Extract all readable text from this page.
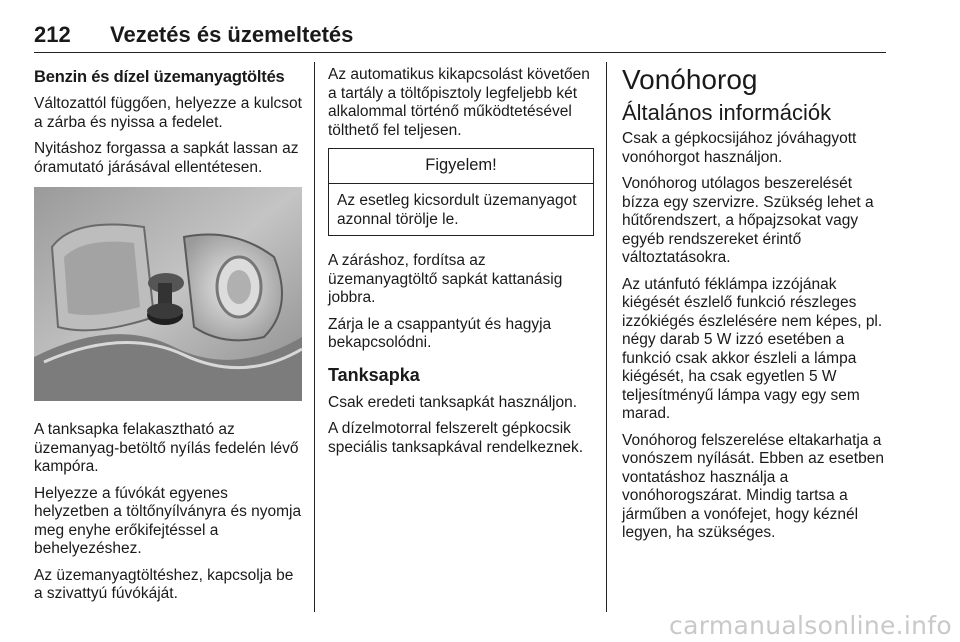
212 Vezetés és üzemeltetés
Benzin és dízel üzemanyagtöltés

Változattól függően, helyezze a kulcsot a zárba és nyissa a fedelet.

Nyitáshoz forgassa a sapkát lassan az óramutató járásával ellentétesen.

A tanksapka felakasztható az üzemanyag-betöltő nyílás fedelén lévő kampóra.

Helyezze a fúvókát egyenes helyzetben a töltőnyílványra és nyomja meg enyhe erőkifejtéssel a behelyezéshez.

Az üzemanyagtöltéshez, kapcsolja be a szivattyú fúvókáját.

Az automatikus kikapcsolást követően a tartály a töltőpisztoly legfeljebb két alkalommal történő működtetésével tölthető fel teljesen.

Figyelem!

Az esetleg kicsordult üzemanyagot azonnal törölje le.

A záráshoz, fordítsa az üzemanyagtöltő sapkát kattanásig jobbra.

Zárja le a csappantyút és hagyja bekapcsolódni.

Tanksapka

Csak eredeti tanksapkát használjon.

A dízelmotorral felszerelt gépkocsik speciális tanksapkával rendelkeznek.

Vonóhorog
Általános információk

Csak a gépkocsijához jóváhagyott vonóhorgot használjon.

Vonóhorog utólagos beszerelését bízza egy szervizre. Szükség lehet a hűtőrendszert, a hőpajzsokat vagy egyéb rendszereket érintő változtatásokra.

Az utánfutó féklámpa izzójának kiégését észlelő funkció részleges izzókiégés észlelésére nem képes, pl. négy darab 5 W izzó esetében a funkció csak akkor észleli a lámpa kiégését, ha csak egyetlen 5 W teljesítményű lámpa vagy egy sem marad.

Vonóhorog felszerelése eltakarhatja a vonószem nyílását. Ebben az esetben vontatáshoz használja a vonóhorogszárat. Mindig tartsa a járműben a vonófejet, hogy kéznél legyen, ha szükséges.

carmanualsonline.info
